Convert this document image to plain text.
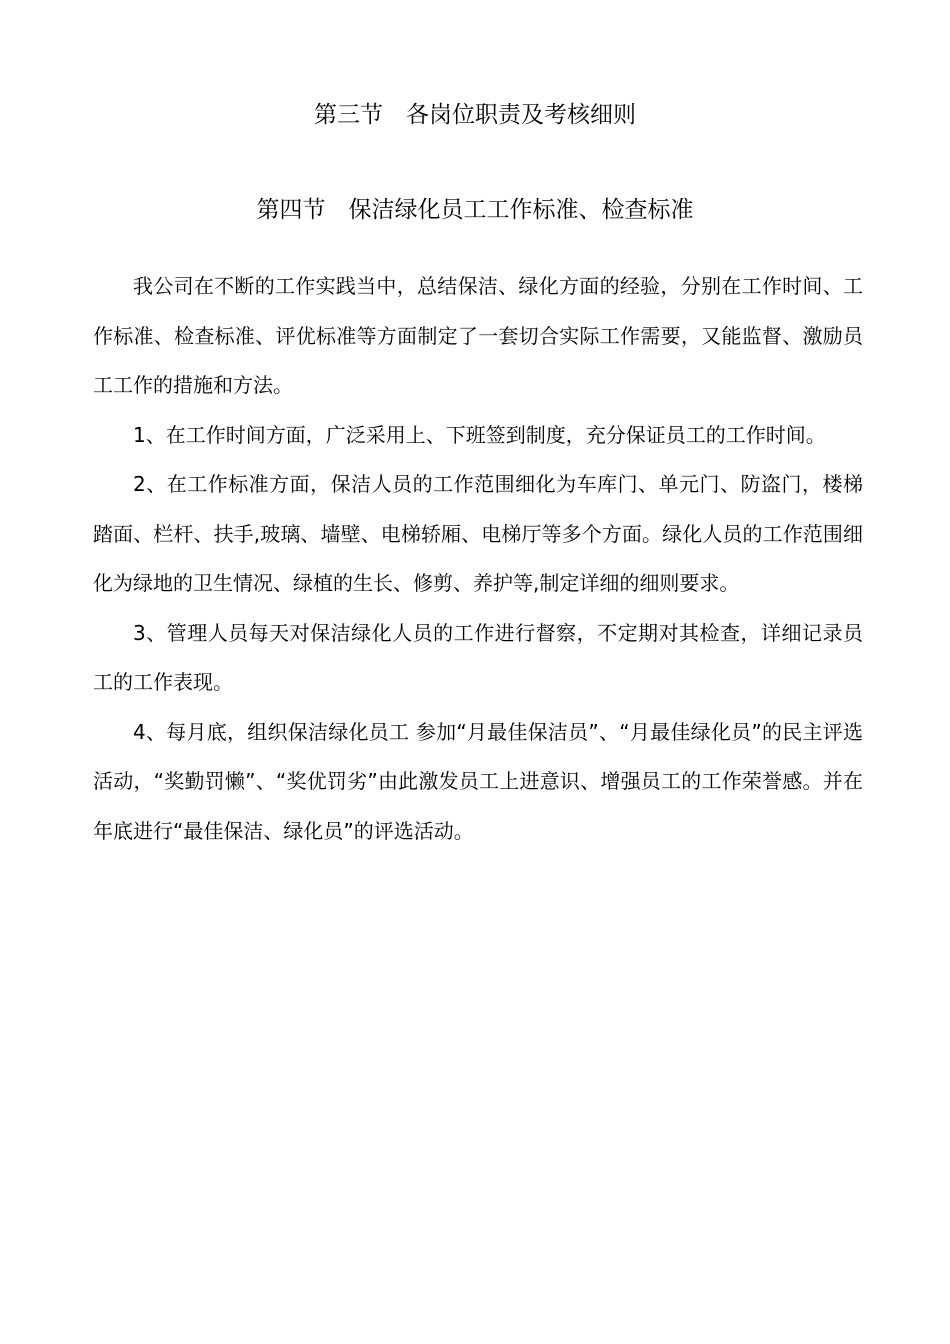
第三节　各岗位职责及考核细则
第四节　保洁绿化员工工作标准、检查标准

我公司在不断的工作实践当中，总结保洁、绿化方面的经验，分别在工作时间、工作标准、检查标准、评优标准等方面制定了一套切合实际工作需要，又能监督、激励员工工作的措施和方法。

1、在工作时间方面，广泛采用上、下班签到制度，充分保证员工的工作时间。

2、在工作标准方面，保洁人员的工作范围细化为车库门、单元门、防盗门，楼梯踏面、栏杆、扶手,玻璃、墙壁、电梯轿厢、电梯厅等多个方面。绿化人员的工作范围细化为绿地的卫生情况、绿植的生长、修剪、养护等,制定详细的细则要求。

3、管理人员每天对保洁绿化人员的工作进行督察，不定期对其检查，详细记录员工的工作表现。

4、每月底，组织保洁绿化员工 参加“月最佳保洁员”、“月最佳绿化员”的民主评选活动，“奖勤罚懒”、“奖优罚劣”由此激发员工上进意识、增强员工的工作荣誉感。并在年底进行“最佳保洁、绿化员”的评选活动。
